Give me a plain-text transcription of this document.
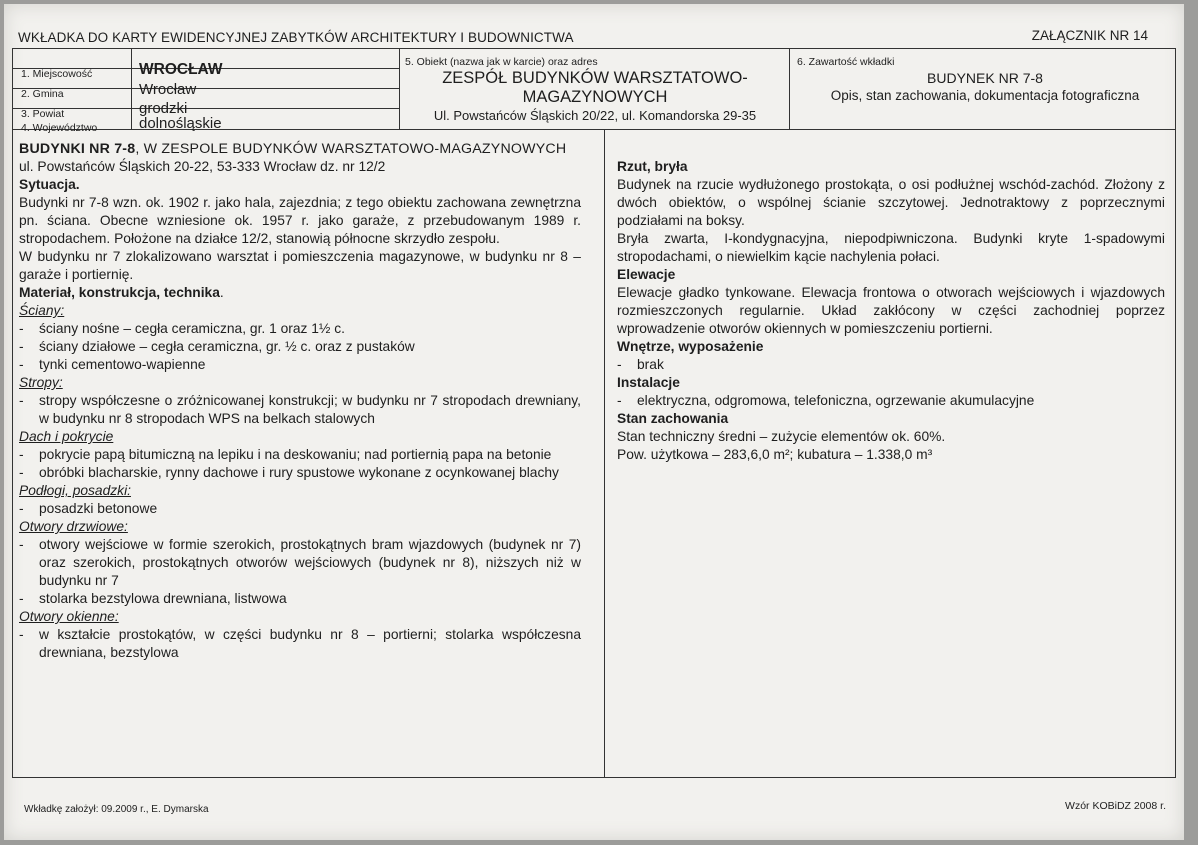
WKŁADKA DO KARTY EWIDENCYJNEJ ZABYTKÓW ARCHITEKTURY I BUDOWNICTWA	ZAŁĄCZNIK NR 14
1. Miejscowość	WROCŁAW
2. Gmina	Wrocław
3. Powiat	grodzki
4. Województwo	dolnośląskie
5. Obiekt (nazwa jak w karcie) oraz adres
ZESPÓŁ BUDYNKÓW WARSZTATOWO-MAGAZYNOWYCH
Ul. Powstańców Śląskich 20/22, ul. Komandorska 29-35
6. Zawartość wkładki
BUDYNEK NR 7-8
Opis, stan zachowania, dokumentacja fotograficzna
BUDYNKI NR 7-8, W ZESPOLE BUDYNKÓW WARSZTATOWO-MAGAZYNOWYCH
ul. Powstańców Śląskich 20-22, 53-333 Wrocław dz. nr 12/2
Sytuacja.
Budynki nr 7-8 wzn. ok. 1902 r. jako hala, zajezdnia; z tego obiektu zachowana zewnętrzna pn. ściana. Obecne wzniesione ok. 1957 r. jako garaże, z przebudowanym 1989 r. stropodachem. Położone na działce 12/2, stanowią północne skrzydło zespołu.
W budynku nr 7 zlokalizowano warsztat i pomieszczenia magazynowe, w budynku nr 8 – garaże i portiernię.
Materiał, konstrukcja, technika.
Ściany:
-	ściany nośne – cegła ceramiczna, gr. 1 oraz 1½ c.
-	ściany działowe – cegła ceramiczna, gr. ½ c. oraz z pustaków
-	tynki cementowo-wapienne
Stropy:
-	stropy współczesne o zróżnicowanej konstrukcji; w budynku nr 7 stropodach drewniany, w budynku nr 8 stropodach WPS na belkach stalowych
Dach i pokrycie
-	pokrycie papą bitumiczną na lepiku i na deskowaniu; nad portiernią papa na betonie
-	obróbki blacharskie, rynny dachowe i rury spustowe wykonane z ocynkowanej blachy
Podłogi, posadzki:
-	posadzki betonowe
Otwory drzwiowe:
-	otwory wejściowe w formie szerokich, prostokątnych bram wjazdowych (budynek nr 7) oraz szerokich, prostokątnych otworów wejściowych (budynek nr 8), niższych niż w budynku nr 7
-	stolarka bezstylowa drewniana, listwowa
Otwory okienne:
-	w kształcie prostokątów, w części budynku nr 8 – portierni; stolarka współczesna drewniana, bezstylowa
Rzut, bryła
Budynek na rzucie wydłużonego prostokąta, o osi podłużnej wschód-zachód. Złożony z dwóch obiektów, o wspólnej ścianie szczytowej. Jednotraktowy z poprzecznymi podziałami na boksy.
Bryła zwarta, I-kondygnacyjna, niepodpiwniczona. Budynki kryte 1-spadowymi stropodachami, o niewielkim kącie nachylenia połaci.
Elewacje
Elewacje gładko tynkowane. Elewacja frontowa o otworach wejściowych i wjazdowych rozmieszczonych regularnie. Układ zakłócony w części zachodniej poprzez wprowadzenie otworów okiennych w pomieszczeniu portierni.
Wnętrze, wyposażenie
-	brak
Instalacje
-	elektryczna, odgromowa, telefoniczna, ogrzewanie akumulacyjne
Stan zachowania
Stan techniczny średni – zużycie elementów ok. 60%.
Pow. użytkowa – 283,6,0 m²; kubatura – 1.338,0 m³
Wkładkę założył: 09.2009 r., E. Dymarska	Wzór KOBiDZ 2008 r.
